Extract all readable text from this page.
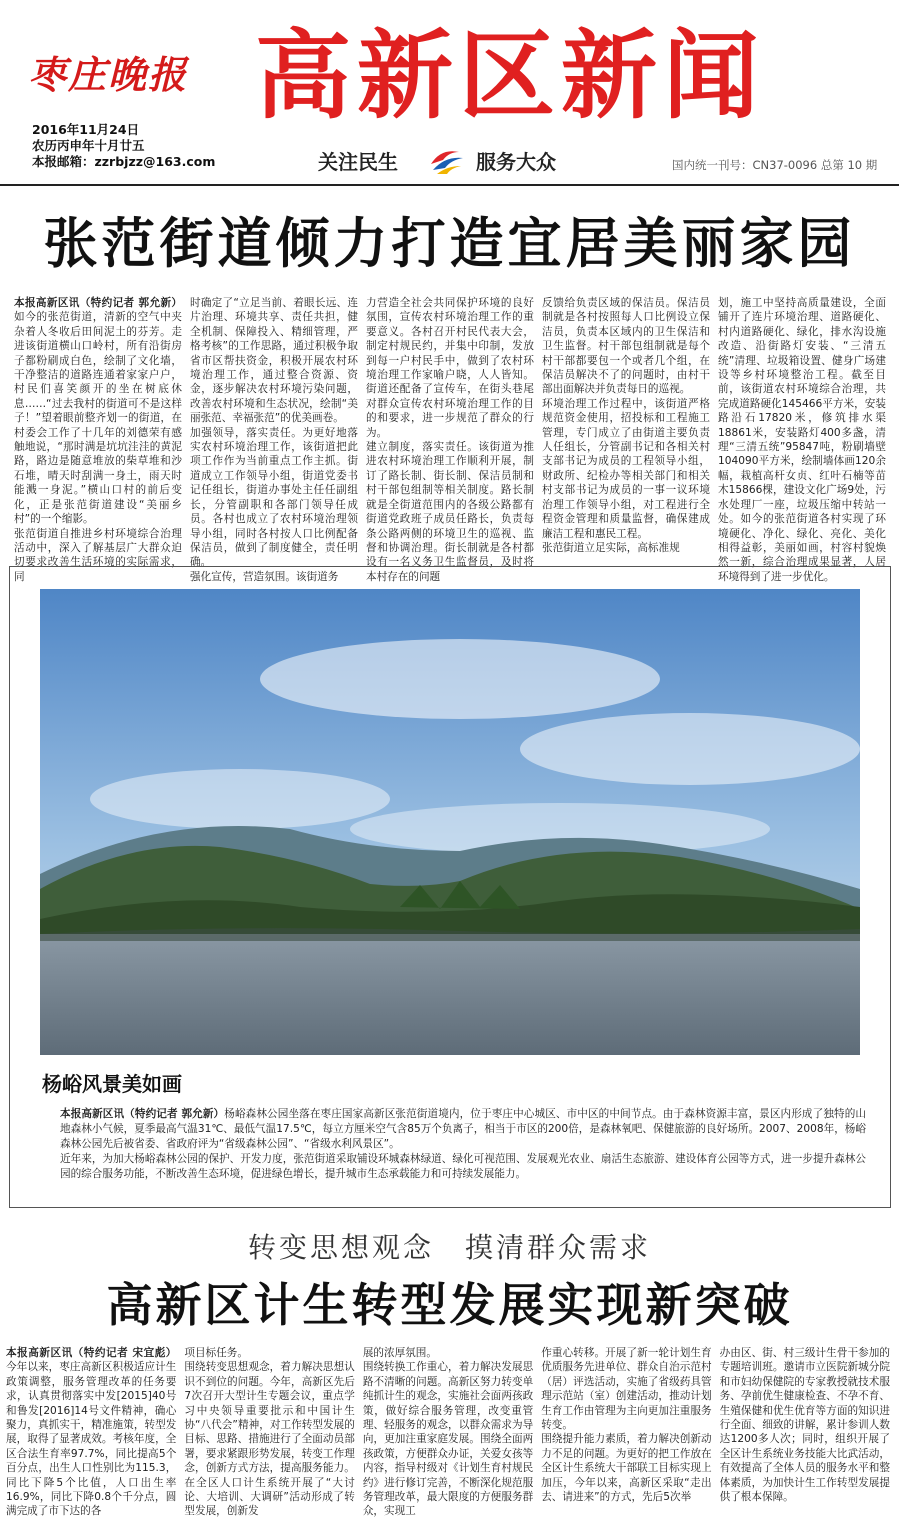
枣庄晚报 高新区新闻
2016年11月24日
农历丙申年十月廿五
本报邮箱：zzrbjzz@163.com	关注民生	服务大众	国内统一刊号：CN37-0096 总第 10 期
张范街道倾力打造宜居美丽家园
本报高新区讯（特约记者 郭允新）如今的张范街道，清新的空气中夹杂着人冬收后田间泥土的芬芳。走进该街道横山口岭村，所有沿街房子都粉刷成白色，绘制了文化墙，干净整洁的道路连通着家家户户，村民们喜笑颜开的坐在树底休息……“过去我村的街道可不是这样子！”望着眼前整齐划一的街道，在村委会工作了十几年的刘德荣有感触地说，“那时满是坑坑洼洼的黄泥路，路边是随意堆放的柴草堆和沙石堆，晴天时刮满一身土，雨天时能溅一身泥。”横山口村的前后变化，正是张范街道建设“美丽乡村”的一个缩影。
张范街道自推进乡村环境综合治理活动中，深入了解基层广大群众迫切要求改善生活环境的实际需求，同
时确定了“立足当前、着眼长远、连片治理、环境共享、责任共担，健全机制、保障投入、精细管理，严格考核”的工作思路，通过积极争取省市区帮扶资金，积极开展农村环境治理工作，通过整合资源、资金，逐步解决农村环境污染问题，改善农村环境和生态状况，绘制“美丽张范、幸福张范”的优美画卷。
加强领导，落实责任。为更好地落实农村环境治理工作，该街道把此项工作作为当前重点工作主抓。街道成立工作领导小组，街道党委书记任组长，街道办事处主任任副组长，分管副职和各部门领导任成员。各村也成立了农村环境治理领导小组，同时各村按人口比例配备保洁员，做到了制度健全，责任明确。
强化宣传，营造氛围。该街道务
力营造全社会共同保护环境的良好氛围，宣传农村环境治理工作的重要意义。各村召开村民代表大会，制定村规民约，并集中印制，发放到每一户村民手中，做到了农村环境治理工作家喻户晓，人人皆知。街道还配备了宣传车，在街头巷尾对群众宣传农村环境治理工作的目的和要求，进一步规范了群众的行为。
建立制度，落实责任。该街道为推进农村环境治理工作顺利开展，制订了路长制、街长制、保洁员制和村干部包组制等相关制度。路长制就是全街道范围内的各级公路都有街道党政班子成员任路长，负责每条公路两侧的环境卫生的巡视、监督和协调治理。街长制就是各村都设有一名义务卫生监督员，及时将本村存在的问题
反馈给负责区域的保洁员。保洁员制就是各村按照每人口比例设立保洁员，负责本区域内的卫生保洁和卫生监督。村干部包组制就是每个村干部都要包一个或者几个组，在保洁员解决不了的问题时，由村干部出面解决并负责每日的巡视。
环境治理工作过程中，该街道严格规范资金使用，招投标和工程施工管理，专门成立了由街道主要负责人任组长，分管副书记和各相关村支部书记为成员的工程领导小组，财政所、纪检办等相关部门和相关村支部书记为成员的一事一议环境治理工作领导小组，对工程进行全程资金管理和质量监督，确保建成廉洁工程和惠民工程。
张范街道立足实际，高标准规
划，施工中坚持高质量建设，全面铺开了连片环境治理、道路硬化、村内道路硬化、绿化，排水沟设施改造、沿街路灯安装、“三清五统”清理、垃圾箱设置、健身广场建设等乡村环境整治工程。截至目前，该街道农村环境综合治理，共完成道路硬化145466平方米，安装路沿石17820米，修筑排水渠18861米，安装路灯400多盏，清理“三清五统”95847吨，粉刷墙壁104090平方米，绘制墙体画120余幅，栽植高杆女贞、红叶石楠等苗木15866棵，建设文化广场9处，污水处理厂一座，垃圾压缩中转站一处。如今的张范街道各村实现了环境硬化、净化、绿化、亮化、美化相得益彰，美丽如画，村容村貌焕然一新，综合治理成果显著，人居环境得到了进一步优化。
杨峪风景美如画
本报高新区讯（特约记者 郭允新）杨峪森林公园坐落在枣庄国家高新区张范街道境内，位于枣庄中心城区、市中区的中间节点。由于森林资源丰富，景区内形成了独特的山地森林小气候，夏季最高气温31℃、最低气温17.5℃，每立方厘米空气含85万个负离子，相当于市区的200倍，是森林氧吧、保健旅游的良好场所。2007、2008年，杨峪森林公园先后被省委、省政府评为“省级森林公园”、“省级水利风景区”。
近年来，为加大杨峪森林公园的保护、开发力度，张范街道采取铺设环城森林绿道、绿化可视范围、发展观光农业、扇活生态旅游、建设体育公园等方式，进一步提升森林公园的综合服务功能，不断改善生态环境，促进绿色增长，提升城市生态承载能力和可持续发展能力。
转变思想观念　摸清群众需求
高新区计生转型发展实现新突破
本报高新区讯（特约记者 宋宜彪）今年以来，枣庄高新区积极适应计生政策调整，服务管理改革的任务要求，认真贯彻落实中发[2015]40号和鲁发[2016]14号文件精神，确心聚力，真抓实干，精准施策，转型发展，取得了显著成效。考核年度，全区合法生育率97.7%，同比提高5个百分点，出生人口性别比为115.3，同比下降5个比值，人口出生率16.9%，同比下降0.8个千分点，圆满完成了市下达的各
项目标任务。
围绕转变思想观念，着力解决思想认识不到位的问题。今年，高新区先后7次召开大型计生专题会议，重点学习中央领导重要批示和中国计生协“八代会”精神，对工作转型发展的目标、思路、措施进行了全面动员部署，要求紧跟形势发展，转变工作理念，创新方式方法，提高服务能力。在全区人口计生系统开展了“大讨论、大培训、大调研”活动形成了转型发展，创新发
展的浓厚氛围。
围绕转换工作重心，着力解决发展思路不清晰的问题。高新区努力转变单纯抓计生的观念，实施社会面两孩政策，做好综合服务管理，改变重管理、轻服务的观念，以群众需求为导向，更加注重家庭发展。围绕全面两孩政策，方便群众办证，关爱女孩等内容，指导村级对《计划生育村规民约》进行修订完善，不断深化规范服务管理改革，最大限度的方便服务群众，实现工
作重心转移。开展了新一轮计划生育优质服务先进单位、群众自治示范村（居）评选活动，实施了省级药具管理示范站（室）创建活动，推动计划生育工作由管理为主向更加注重服务转变。
围绕提升能力素质，着力解决创新动力不足的问题。为更好的把工作放在全区计生系统大干部联工目标实现上加压，今年以来，高新区采取“走出去、请进来”的方式，先后5次举
办由区、街、村三级计生骨干参加的专题培训班。邀请市立医院新城分院和市妇幼保健院的专家教授就技术服务、孕前优生健康检查、不孕不育、生殖保健和优生优育等方面的知识进行全面、细致的讲解，累计参训人数达1200多人次；同时，组织开展了全区计生系统业务技能大比武活动，有效提高了全体人员的服务水平和整体素质，为加快计生工作转型发展提供了根本保障。
